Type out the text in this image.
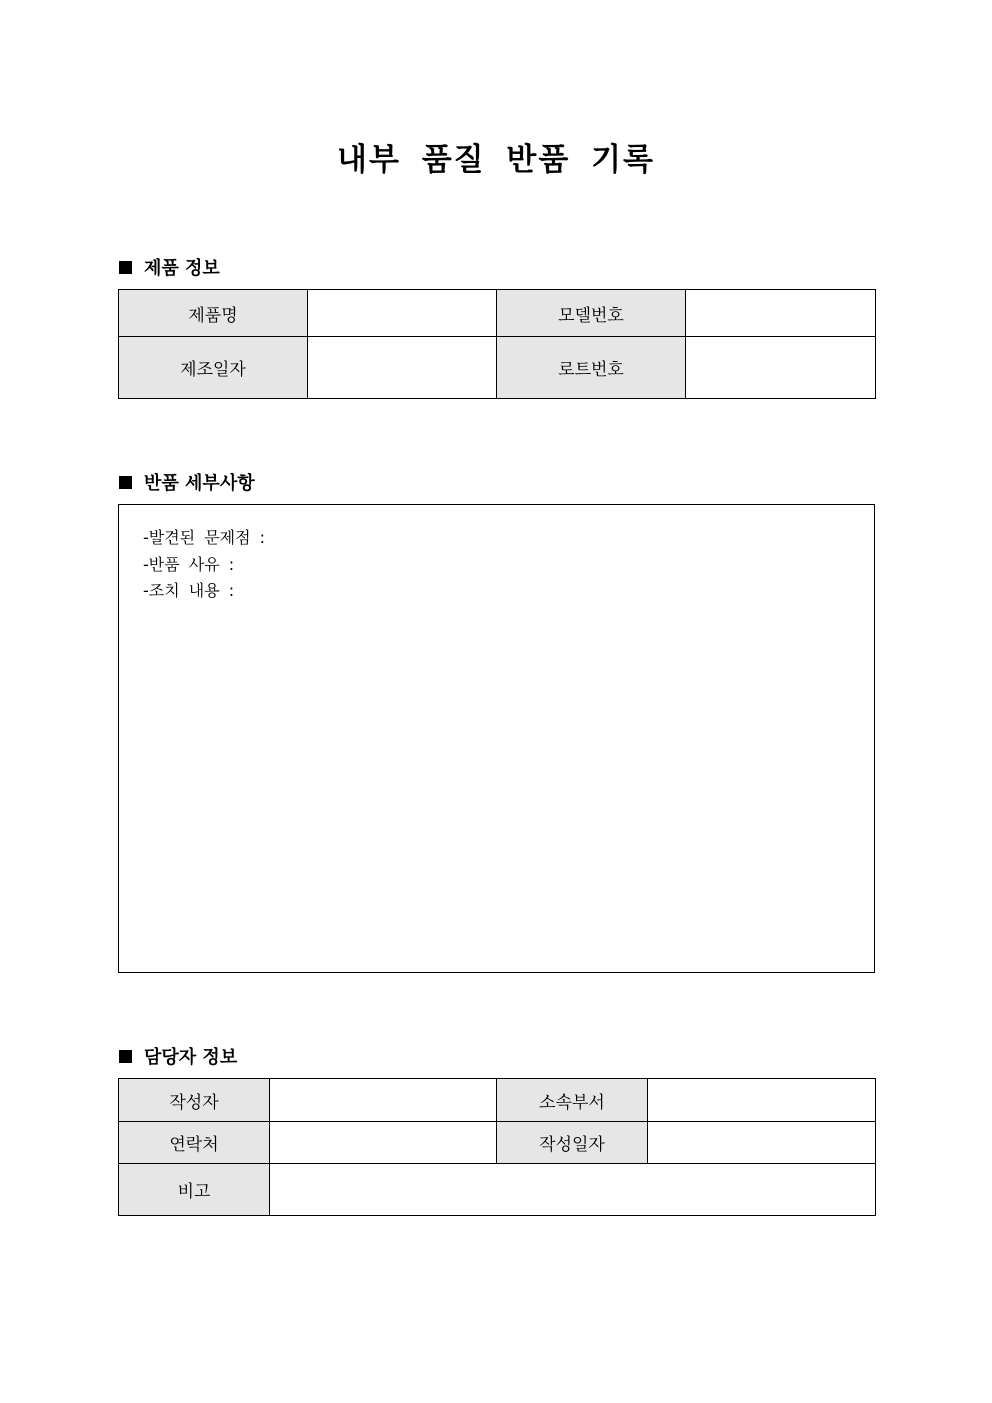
내부 품질 반품 기록
제품 정보
제품명		모델번호	
제조일자		로트번호	
반품 세부사항
-발견된 문제점 :
-반품 사유 :
-조치 내용 :
담당자 정보
작성자		소속부서	
연락처		작성일자	
비고			
